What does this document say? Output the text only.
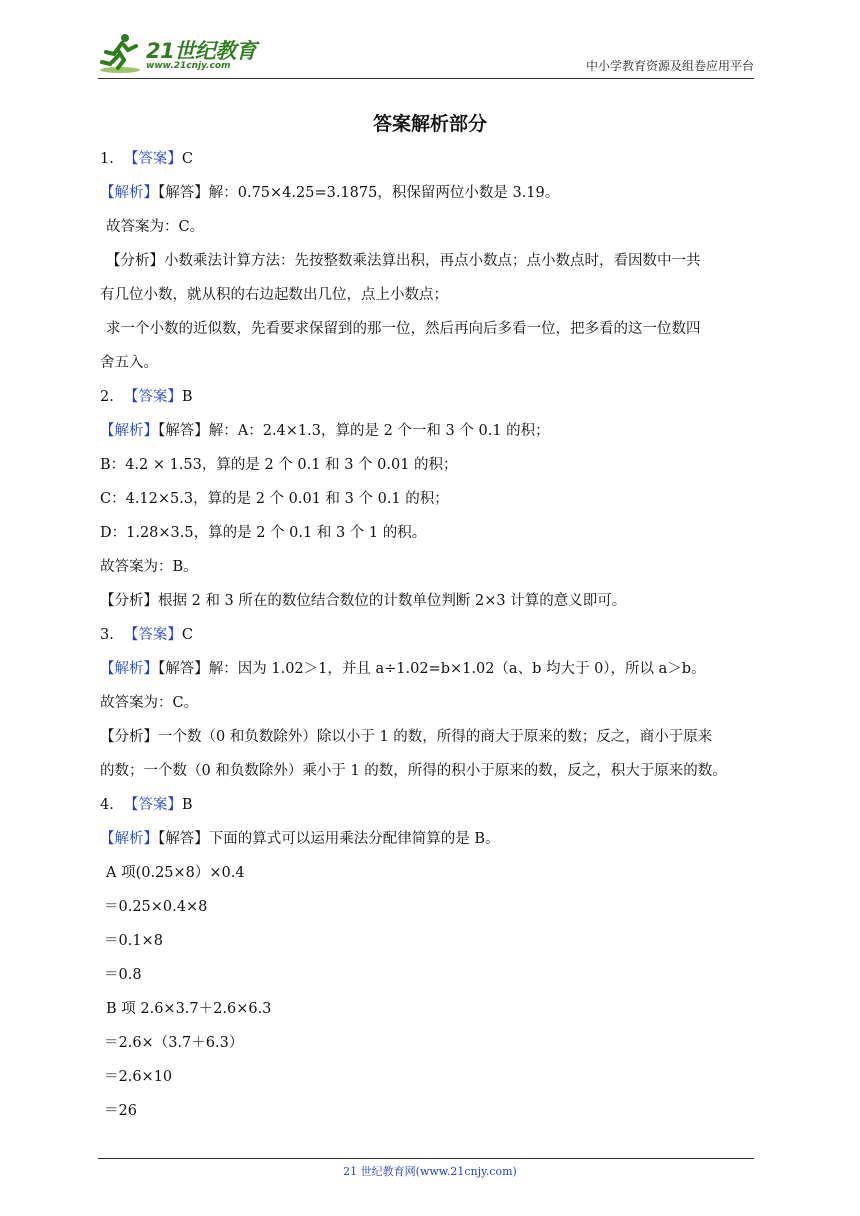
21世纪教育
www.21cnjy.com	中小学教育资源及组卷应用平台
答案解析部分
1. 【答案】C
【解析】【解答】解：0.75×4.25=3.1875，积保留两位小数是 3.19。
故答案为：C。
【分析】小数乘法计算方法：先按整数乘法算出积，再点小数点；点小数点时，看因数中一共
有几位小数，就从积的右边起数出几位，点上小数点；
求一个小数的近似数，先看要求保留到的那一位，然后再向后多看一位，把多看的这一位数四
舍五入。
2. 【答案】B
【解析】【解答】解：A：2.4×1.3，算的是 2 个一和 3 个 0.1 的积；
B：4.2 × 1.53，算的是 2 个 0.1 和 3 个 0.01 的积；
C：4.12×5.3，算的是 2 个 0.01 和 3 个 0.1 的积；
D：1.28×3.5，算的是 2 个 0.1 和 3 个 1 的积。
故答案为：B。
【分析】根据 2 和 3 所在的数位结合数位的计数单位判断 2×3 计算的意义即可。
3. 【答案】C
【解析】【解答】解：因为 1.02＞1，并且 a÷1.02=b×1.02（a、b 均大于 0），所以 a＞b。
故答案为：C。
【分析】一个数（0 和负数除外）除以小于 1 的数，所得的商大于原来的数；反之，商小于原来
的数；一个数（0 和负数除外）乘小于 1 的数，所得的积小于原来的数，反之，积大于原来的数。
4. 【答案】B
【解析】【解答】下面的算式可以运用乘法分配律简算的是 B。
A 项(0.25×8）×0.4
＝0.25×0.4×8
＝0.1×8
＝0.8
B 项 2.6×3.7＋2.6×6.3
＝2.6×（3.7＋6.3）
＝2.6×10
＝26
21 世纪教育网(www.21cnjy.com)
